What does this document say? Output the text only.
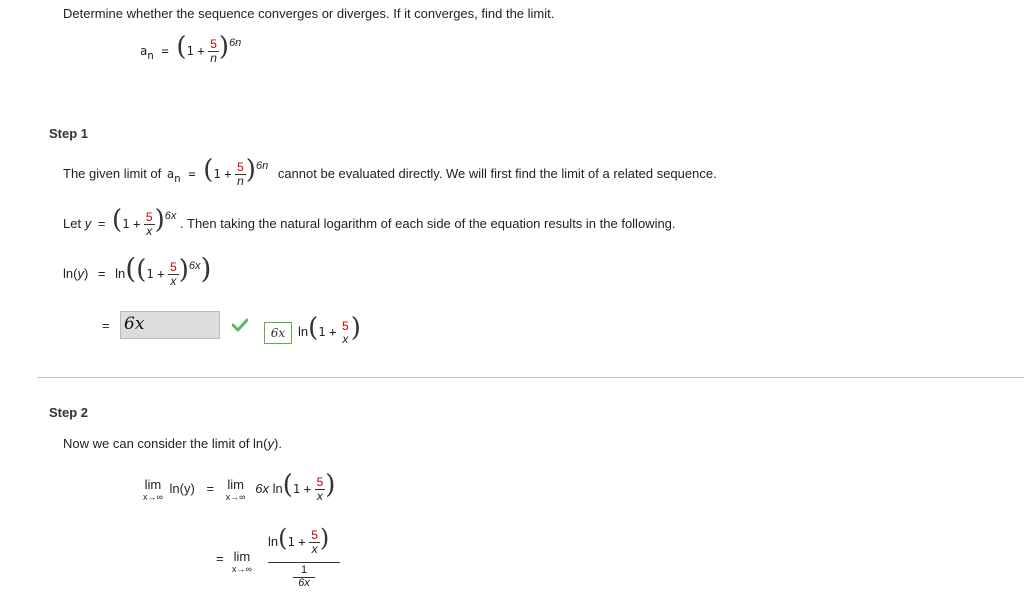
Determine whether the sequence converges or diverges. If it converges, find the limit.
$a_n = (1 + \frac{5}{n} )^{6n}$
Step 1
The given limit of $a_n = (1 + \frac{5}{n} )^{6n}$ cannot be evaluated directly. We will first find the limit of a related sequence.
Let $y = (1 + \frac{5}{x} )^{6x}$ . Then taking the natural logarithm of each side of the equation results in the following.
$\ln(y) = \ln((1 + \frac{5}{x} )^{6x})$
= 6x	6x ln(1 + 5
x )
Step 2
Now we can consider the limit of ln(y).
lim
x→∞
ln(y) = lim
x→∞
6x $\ln(1 + \frac{5}{x}$ )
= lim
x→∞
$\ln(1 + \frac{5}{x}$ )
1
6x
